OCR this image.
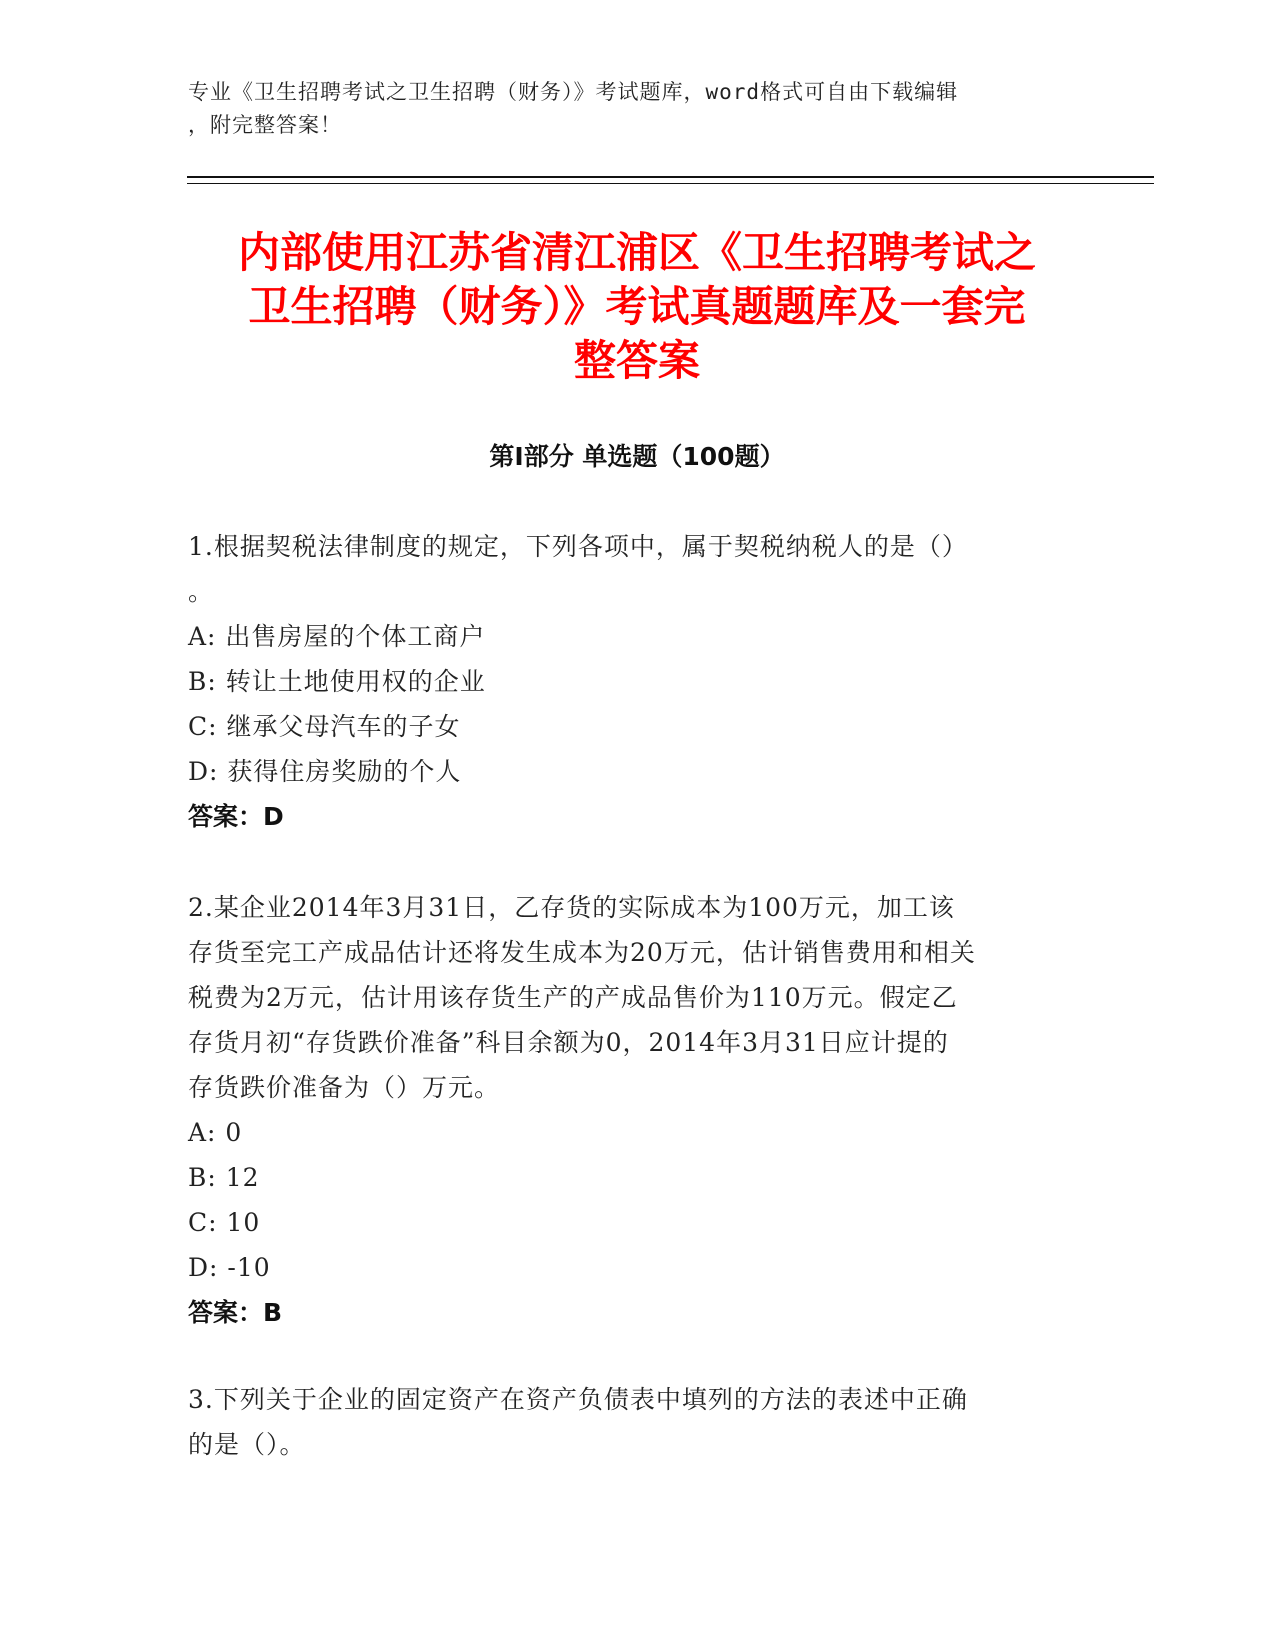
专业《卫生招聘考试之卫生招聘（财务）》考试题库，word格式可自由下载编辑
，附完整答案！
内部使用江苏省清江浦区《卫生招聘考试之
卫生招聘（财务）》考试真题题库及一套完
整答案
第Ⅰ部分 单选题（100题）
1.根据契税法律制度的规定，下列各项中，属于契税纳税人的是（）
。
A: 出售房屋的个体工商户
B: 转让土地使用权的企业
C: 继承父母汽车的子女
D: 获得住房奖励的个人
答案：D
2.某企业2014年3月31日，乙存货的实际成本为100万元，加工该
存货至完工产成品估计还将发生成本为20万元，估计销售费用和相关
税费为2万元，估计用该存货生产的产成品售价为110万元。假定乙
存货月初“存货跌价准备”科目余额为0，2014年3月31日应计提的
存货跌价准备为（）万元。
A: 0
B: 12
C: 10
D: -10
答案：B
3.下列关于企业的固定资产在资产负债表中填列的方法的表述中正确
的是（）。
